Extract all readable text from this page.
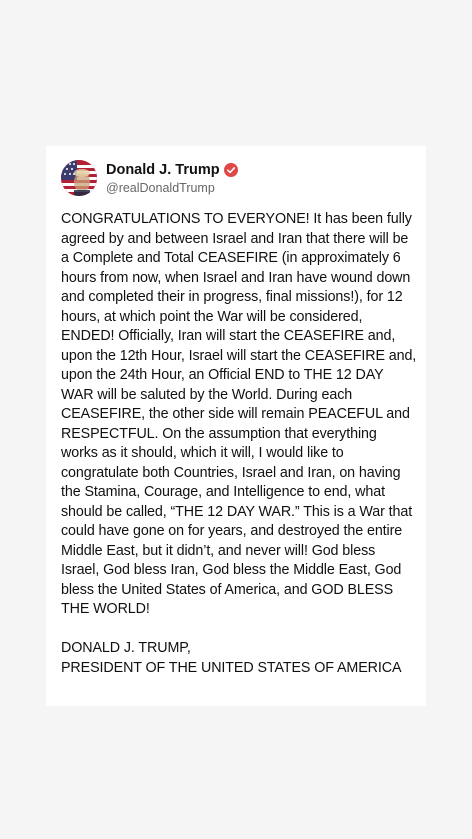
Donald J. Trump
@realDonaldTrump

CONGRATULATIONS TO EVERYONE! It has been fully agreed by and between Israel and Iran that there will be a Complete and Total CEASEFIRE (in approximately 6 hours from now, when Israel and Iran have wound down and completed their in progress, final missions!), for 12 hours, at which point the War will be considered, ENDED! Officially, Iran will start the CEASEFIRE and, upon the 12th Hour, Israel will start the CEASEFIRE and, upon the 24th Hour, an Official END to THE 12 DAY WAR will be saluted by the World. During each CEASEFIRE, the other side will remain PEACEFUL and RESPECTFUL. On the assumption that everything works as it should, which it will, I would like to congratulate both Countries, Israel and Iran, on having the Stamina, Courage, and Intelligence to end, what should be called, “THE 12 DAY WAR.” This is a War that could have gone on for years, and destroyed the entire Middle East, but it didn’t, and never will! God bless Israel, God bless Iran, God bless the Middle East, God bless the United States of America, and GOD BLESS THE WORLD!

DONALD J. TRUMP,

PRESIDENT OF THE UNITED STATES OF AMERICA
